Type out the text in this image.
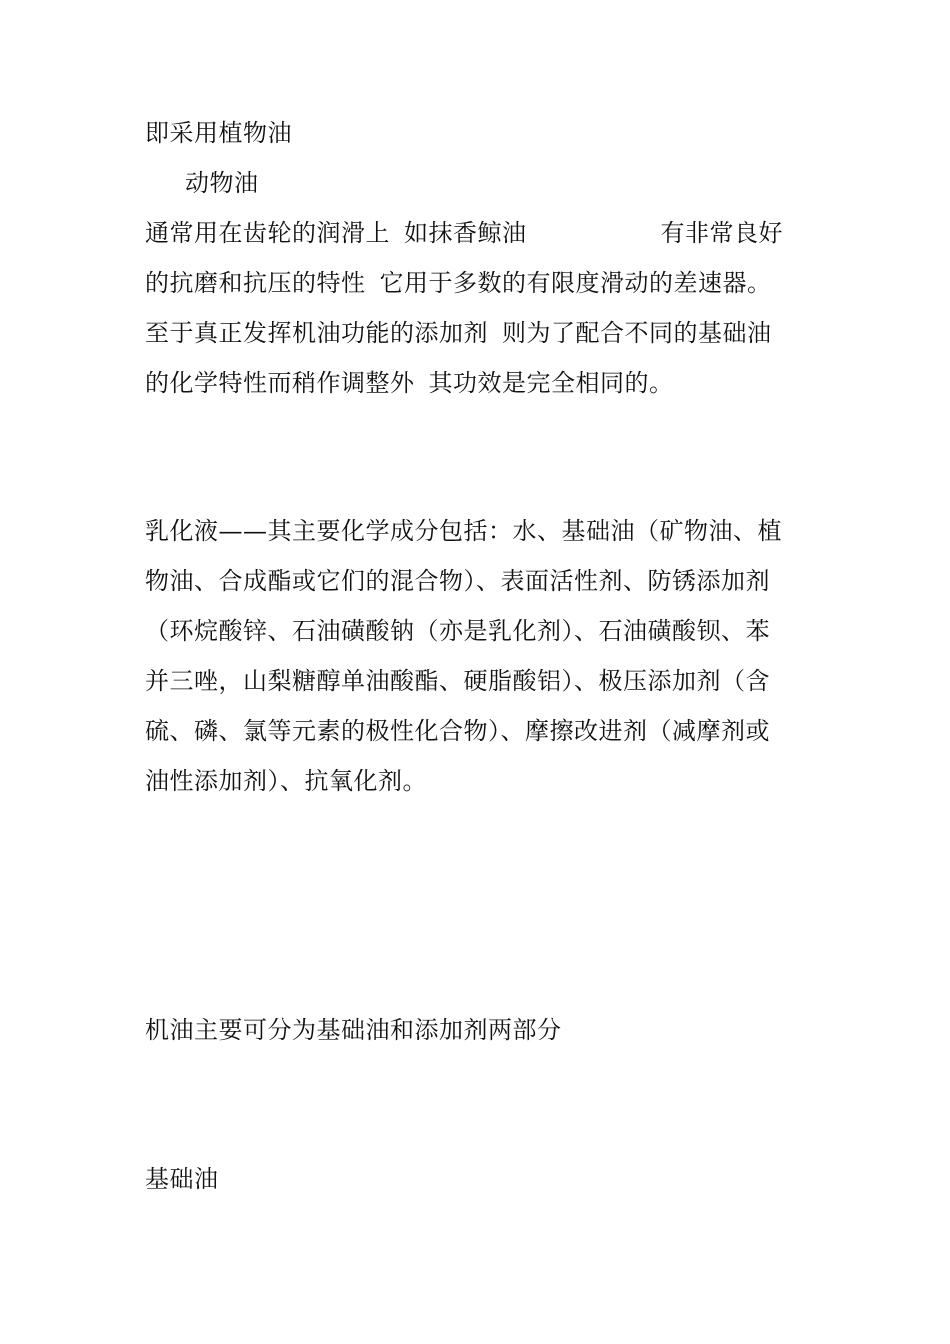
即采用植物油
动物油
通常用在齿轮的润滑上 如抹香鲸油	有非常良好
的抗磨和抗压的特性 它用于多数的有限度滑动的差速器。
至于真正发挥机油功能的添加剂 则为了配合不同的基础油
的化学特性而稍作调整外 其功效是完全相同的。
乳化液——其主要化学成分包括：水、基础油（矿物油、植
物油、合成酯或它们的混合物）、表面活性剂、防锈添加剂
（环烷酸锌、石油磺酸钠（亦是乳化剂）、石油磺酸钡、苯
并三唑，山梨糖醇单油酸酯、硬脂酸铝）、极压添加剂（含
硫、磷、氯等元素的极性化合物）、摩擦改进剂（减摩剂或
油性添加剂）、抗氧化剂。
机油主要可分为基础油和添加剂两部分
基础油
